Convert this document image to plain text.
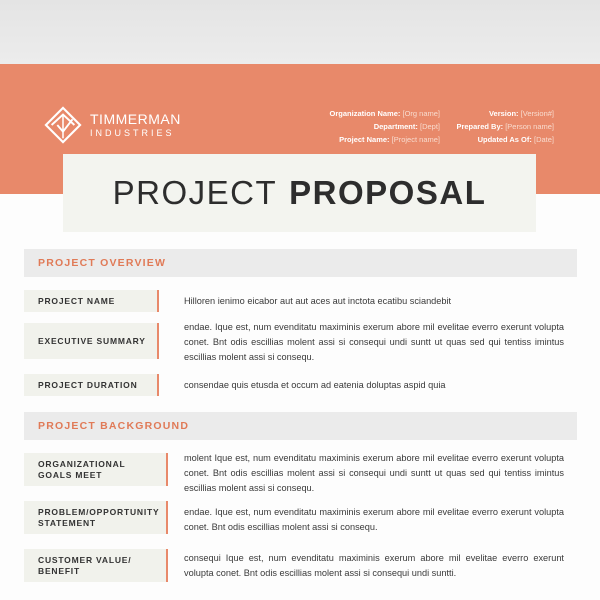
TIMMERMAN
INDUSTRIES
Organization Name: [Org name]
Department: [Dept]
Project Name: [Project name]
Version: [Version#]
Prepared By: [Person name]
Updated As Of: [Date]
PROJECT PROPOSAL
PROJECT OVERVIEW
PROJECT NAME	Hilloren ienimo eicabor aut aut aces aut inctota ecatibu sciandebit
EXECUTIVE SUMMARY
endae. Ique est, num evenditatu maximinis exerum abore mil evelitae everro exerunt volupta conet. Bnt odis escillias molent assi si consequi undi suntt ut quas sed qui tentiss imintus escillias molent assi si consequ.
PROJECT DURATION	consendae quis etusda et occum ad eatenia doluptas aspid quia
PROJECT BACKGROUND
ORGANIZATIONAL
GOALS MEET
molent Ique est, num evenditatu maximinis exerum abore mil evelitae everro exerunt volupta conet. Bnt odis escillias molent assi si consequi undi suntt ut quas sed qui tentiss imintus escillias molent assi si consequ.
PROBLEM/OPPORTUNITY
STATEMENT
endae. Ique est, num evenditatu maximinis exerum abore mil evelitae everro exerunt volupta conet. Bnt odis escillias molent assi si consequ.
CUSTOMER VALUE/
BENEFIT
consequi Ique est, num evenditatu maximinis exerum abore mil evelitae everro exerunt volupta conet. Bnt odis escillias molent assi si consequi undi suntti.
